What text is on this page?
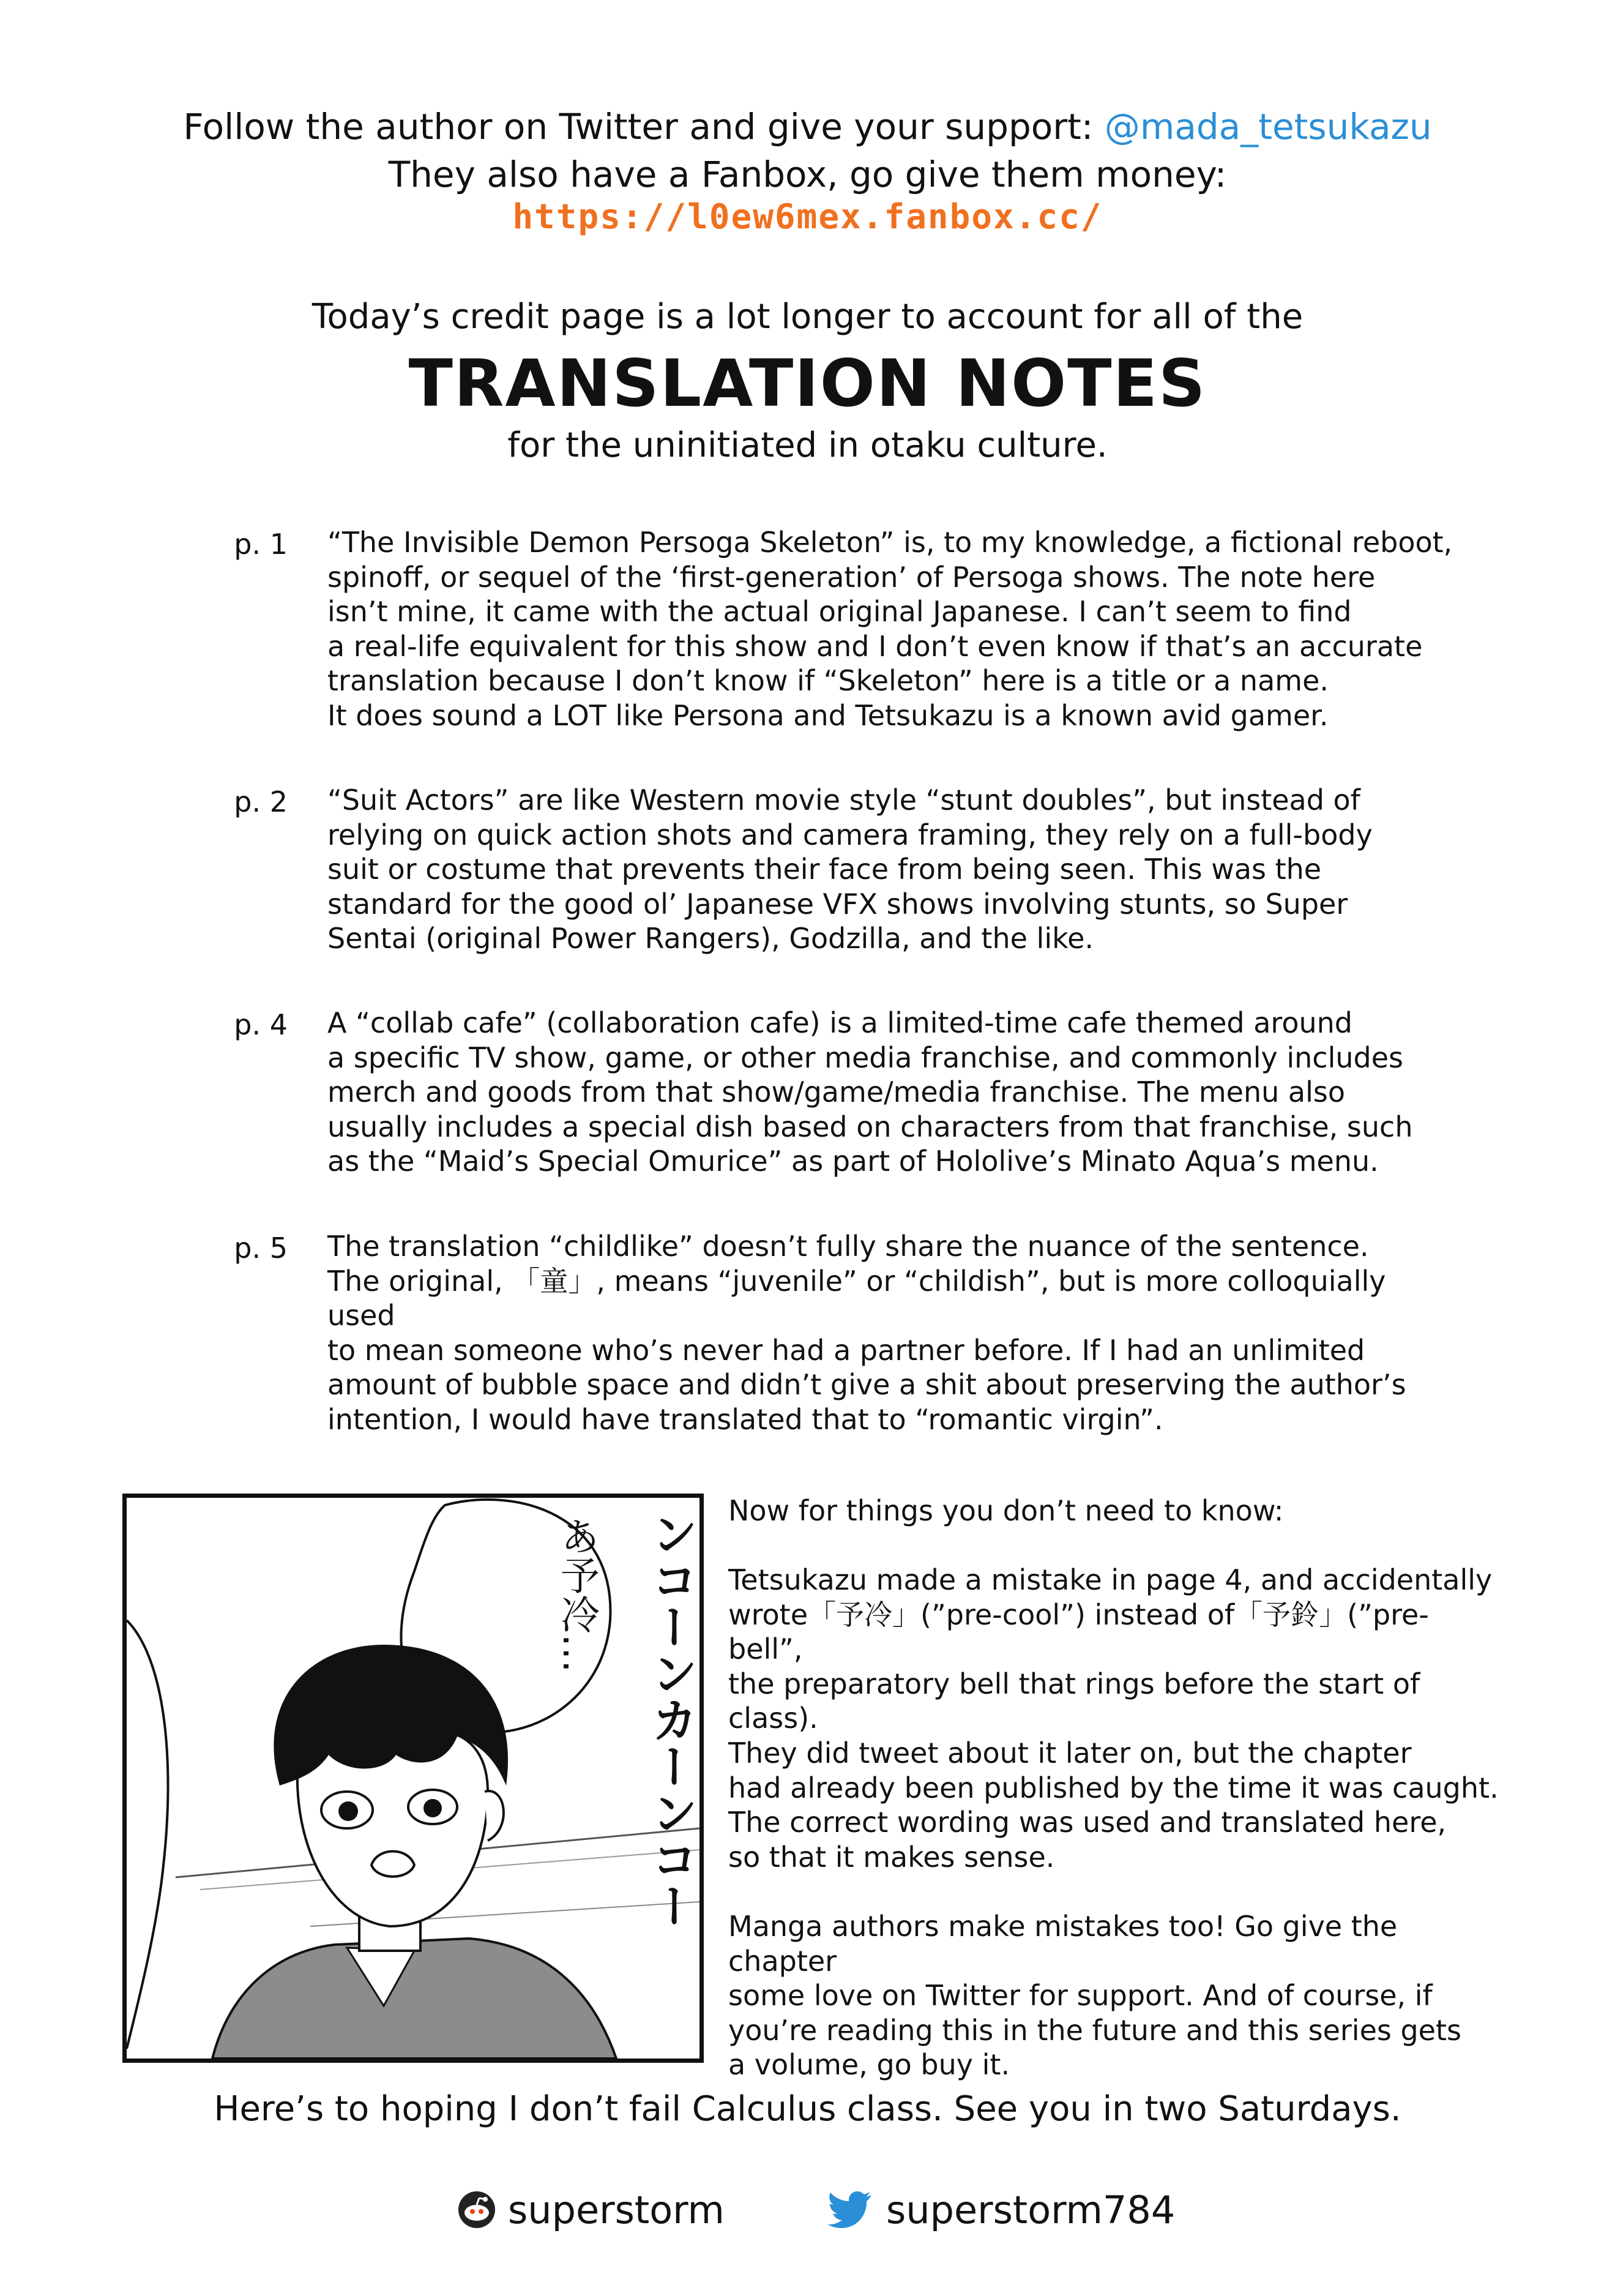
Follow the author on Twitter and give your support: @mada_tetsukazu
They also have a Fanbox, go give them money:
https://l0ew6mex.fanbox.cc/
Today’s credit page is a lot longer to account for all of the
TRANSLATION NOTES
for the uninitiated in otaku culture.
p. 1 “The Invisible Demon Persoga Skeleton” is, to my knowledge, a fictional reboot,
spinoff, or sequel of the ‘first-generation’ of Persoga shows. The note here
isn’t mine, it came with the actual original Japanese. I can’t seem to find
a real-life equivalent for this show and I don’t even know if that’s an accurate
translation because I don’t know if “Skeleton” here is a title or a name.
It does sound a LOT like Persona and Tetsukazu is a known avid gamer.
p. 2 “Suit Actors” are like Western movie style “stunt doubles”, but instead of
relying on quick action shots and camera framing, they rely on a full-body
suit or costume that prevents their face from being seen. This was the
standard for the good ol’ Japanese VFX shows involving stunts, so Super
Sentai (original Power Rangers), Godzilla, and the like.
p. 4 A “collab cafe” (collaboration cafe) is a limited-time cafe themed around
a specific TV show, game, or other media franchise, and commonly includes
merch and goods from that show/game/media franchise. The menu also
usually includes a special dish based on characters from that franchise, such
as the “Maid’s Special Omurice” as part of Hololive’s Minato Aqua’s menu.
p. 5 The translation “childlike” doesn’t fully share the nuance of the sentence.
The original, 「童」, means “juvenile” or “childish”, but is more colloquially used
to mean someone who’s never had a partner before. If I had an unlimited
amount of bubble space and didn’t give a shit about preserving the author’s
intention, I would have translated that to “romantic virgin”.
あ予冷… ンコーンカーンコー Now for things you don’t need to know:
Tetsukazu made a mistake in page 4, and accidentally
wrote「予冷」(”pre-cool”) instead of「予鈴」(”pre-bell”,
the preparatory bell that rings before the start of
class).
They did tweet about it later on, but the chapter
had already been published by the time it was caught.
The correct wording was used and translated here,
so that it makes sense.
Manga authors make mistakes too! Go give the chapter
some love on Twitter for support. And of course, if
you’re reading this in the future and this series gets
a volume, go buy it.
Here’s to hoping I don’t fail Calculus class. See you in two Saturdays.
superstorm	superstorm784
